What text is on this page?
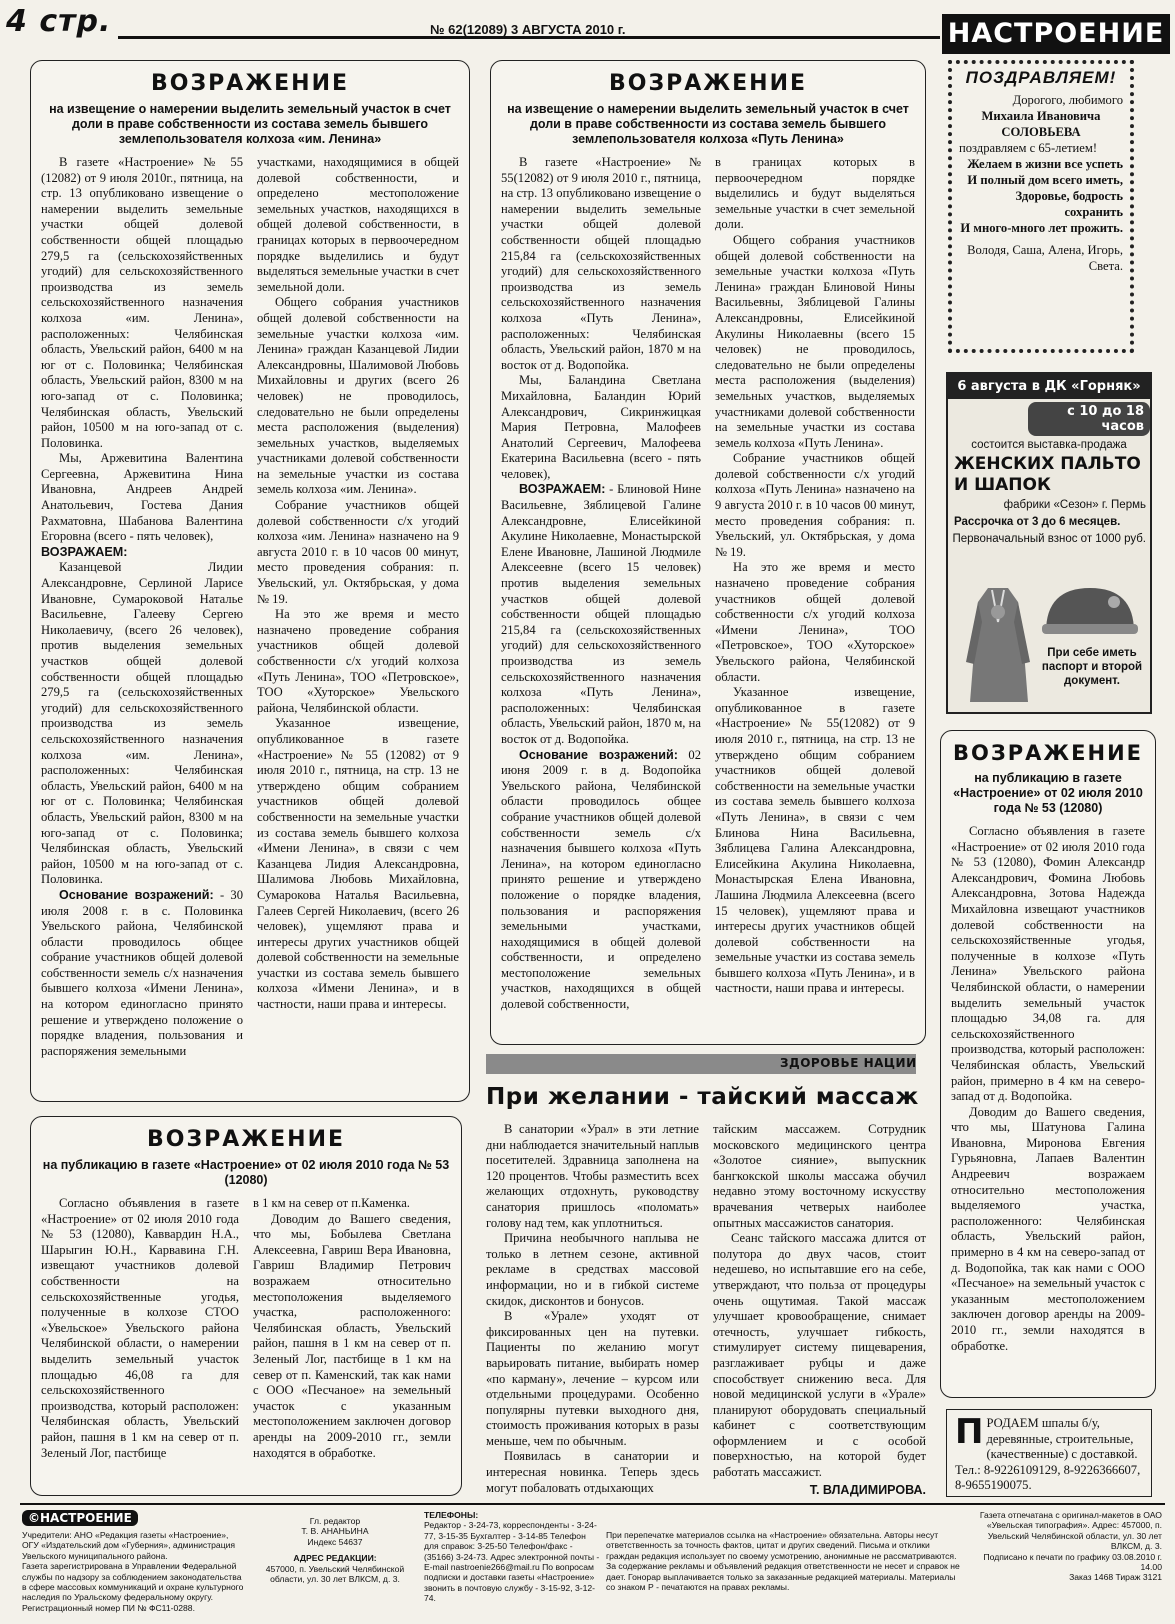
4 стр.	№ 62(12089) 3 АВГУСТА 2010 г.	НАСТРОЕНИЕ
ВОЗРАЖЕНИЕ
на извещение о намерении выделить земельный участок в счет доли в праве собственности из состава земель бывшего землепользователя колхоза «им. Ленина»

В газете «Настроение» № 55 (12082) от 9 июля 2010г., пятница, на стр. 13 опубликовано извещение о намерении выделить земельные участки общей долевой собственности общей площадью 279,5 га (сельскохозяйственных угодий) для сельскохозяйственного производства из земель сельскохозяйственного назначения колхоза «им. Ленина», расположенных: Челябинская область, Увельский район, 6400 м на юг от с. Половинка; Челябинская область, Увельский район, 8300 м на юго-запад от с. Половинка; Челябинская область, Увельский район, 10500 м на юго-запад от с. Половинка.

Мы, Аржевитина Валентина Сергеевна, Аржевитина Нина Ивановна, Андреев Андрей Анатольевич, Гостева Дания Рахматовна, Шабанова Валентина Егоровна (всего - пять человек),

ВОЗРАЖАЕМ:

Казанцевой Лидии Александровне, Серлиной Ларисе Ивановне, Сумароковой Наталье Васильевне, Галееву Сергею Николаевичу, (всего 26 человек), против выделения земельных участков общей долевой собственности общей площадью 279,5 га (сельскохозяйственных угодий) для сельскохозяйственного производства из земель сельскохозяйственного назначения колхоза «им. Ленина», расположенных: Челябинская область, Увельский район, 6400 м на юг от с. Половинка; Челябинская область, Увельский район, 8300 м на юго-запад от с. Половинка; Челябинская область, Увельский район, 10500 м на юго-запад от с. Половинка.

Основание возражений: - 30 июля 2008 г. в с. Половинка Увельского района, Челябинской области проводилось общее собрание участников общей долевой собственности земель с/х назначения бывшего колхоза «Имени Ленина», на котором единогласно принято решение и утверждено положение о порядке владения, пользования и распоряжения земельными

участками, находящимися в общей долевой собственности, и определено местоположение земельных участков, находящихся в общей долевой собственности, в границах которых в первоочередном порядке выделились и будут выделяться земельные участки в счет земельной доли.

Общего собрания участников общей долевой собственности на земельные участки колхоза «им. Ленина» граждан Казанцевой Лидии Александровны, Шалимовой Любовь Михайловны и других (всего 26 человек) не проводилось, следовательно не были определены места расположения (выделения) земельных участков, выделяемых участниками долевой собственности на земельные участки из состава земель колхоза «им. Ленина».

Собрание участников общей долевой собственности с/х угодий колхоза «им. Ленина» назначено на 9 августа 2010 г. в 10 часов 00 минут, место проведения собрания: п. Увельский, ул. Октябрьская, у дома № 19.

На это же время и место назначено проведение собрания участников общей долевой собственности с/х угодий колхоза «Путь Ленина», ТОО «Петровское», ТОО «Хуторское» Увельского района, Челябинской области.

Указанное извещение, опубликованное в газете «Настроение» № 55 (12082) от 9 июля 2010 г., пятница, на стр. 13 не утверждено общим собранием участников общей долевой собственности на земельные участки из состава земель бывшего колхоза «Имени Ленина», в связи с чем Казанцева Лидия Александровна, Шалимова Любовь Михайловна, Сумарокова Наталья Васильевна, Галеев Сергей Николаевич, (всего 26 человек), ущемляют права и интересы других участников общей долевой собственности на земельные участки из состава земель бывшего колхоза «Имени Ленина», и в частности, наши права и интересы.

ВОЗРАЖЕНИЕ
на извещение о намерении выделить земельный участок в счет доли в праве собственности из состава земель бывшего землепользователя колхоза «Путь Ленина»

В газете «Настроение» № 55(12082) от 9 июля 2010 г., пятница, на стр. 13 опубликовано извещение о намерении выделить земельные участки общей долевой собственности общей площадью 215,84 га (сельскохозяйственных угодий) для сельскохозяйственного производства из земель сельскохозяйственного назначения колхоза «Путь Ленина», расположенных: Челябинская область, Увельский район, 1870 м на восток от д. Водопойка.

Мы, Баландина Светлана Михайловна, Баландин Юрий Александрович, Сикринжицкая Мария Петровна, Малофеев Анатолий Сергеевич, Малофеева Екатерина Васильевна (всего - пять человек),

ВОЗРАЖАЕМ: - Блиновой Нине Васильевне, Зяблицевой Галине Александровне, Елисейкиной Акулине Николаевне, Монастырской Елене Ивановне, Лашиной Людмиле Алексеевне (всего 15 человек) против выделения земельных участков общей долевой собственности общей площадью 215,84 га (сельскохозяйственных угодий) для сельскохозяйственного производства из земель сельскохозяйственного назначения колхоза «Путь Ленина», расположенных: Челябинская область, Увельский район, 1870 м, на восток от д. Водопойка.

Основание возражений: 02 июня 2009 г. в д. Водопойка Увельского района, Челябинской области проводилось общее собрание участников общей долевой собственности земель с/х назначения бывшего колхоза «Путь Ленина», на котором единогласно принято решение и утверждено положение о порядке владения, пользования и распоряжения земельными участками, находящимися в общей долевой собственности, и определено местоположение земельных участков, находящихся в общей долевой собственности,

в границах которых в первоочередном порядке выделились и будут выделяться земельные участки в счет земельной доли.

Общего собрания участников общей долевой собственности на земельные участки колхоза «Путь Ленина» граждан Блиновой Нины Васильевны, Зяблицевой Галины Александровны, Елисейкиной Акулины Николаевны (всего 15 человек) не проводилось, следовательно не были определены места расположения (выделения) земельных участков, выделяемых участниками долевой собственности на земельные участки из состава земель колхоза «Путь Ленина».

Собрание участников общей долевой собственности с/х угодий колхоза «Путь Ленина» назначено на 9 августа 2010 г. в 10 часов 00 минут, место проведения собрания: п. Увельский, ул. Октябрьская, у дома № 19.

На это же время и место назначено проведение собрания участников общей долевой собственности с/х угодий колхоза «Имени Ленина», ТОО «Петровское», ТОО «Хуторское» Увельского района, Челябинской области.

Указанное извещение, опубликованное в газете «Настроение» № 55(12082) от 9 июля 2010 г., пятница, на стр. 13 не утверждено общим собранием участников общей долевой собственности на земельные участки из состава земель бывшего колхоза «Путь Ленина», в связи с чем Блинова Нина Васильевна, Зяблицева Галина Александровна, Елисейкина Акулина Николаевна, Монастырская Елена Ивановна, Лашина Людмила Алексеевна (всего 15 человек), ущемляют права и интересы других участников общей долевой собственности на земельные участки из состава земель бывшего колхоза «Путь Ленина», и в частности, наши права и интересы.

ПОЗДРАВЛЯЕМ!
Дорогого, любимого
Михаила Ивановича СОЛОВЬЕВА
поздравляем с 65-летием!
Желаем в жизни все успеть
И полный дом всего иметь,
Здоровье, бодрость сохранить
И много-много лет прожить.
Володя, Саша, Алена, Игорь, Света.
6 августа в ДК «Горняк»
с 10 до 18 часов
состоится выставка-продажа
ЖЕНСКИХ ПАЛЬТО И ШАПОК
фабрики «Сезон» г. Пермь
Рассрочка от 3 до 6 месяцев.
Первоначальный взнос от 1000 руб.
При себе иметь паспорт и второй документ.
ВОЗРАЖЕНИЕ
на публикацию в газете «Настроение» от 02 июля 2010 года № 53 (12080)

Согласно объявления в газете «Настроение» от 02 июля 2010 года № 53 (12080), Фомин Александр Александрович, Фомина Любовь Александровна, Зотова Надежда Михайловна извещают участников долевой собственности на сельскохозяйственные угодья, полученные в колхозе «Путь Ленина» Увельского района Челябинской области, о намерении выделить земельный участок площадью 34,08 га. для сельскохозяйственного производства, который расположен: Челябинская область, Увельский район, примерно в 4 км на северо-запад от д. Водопойка.

Доводим до Вашего сведения, что мы, Шатунова Галина Ивановна, Миронова Евгения Гурьяновна, Лапаев Валентин Андреевич возражаем относительно местоположения выделяемого участка, расположенного: Челябинская область, Увельский район, примерно в 4 км на северо-запад от д. Водопойка, так как нами с ООО «Песчаное» на земельный участок с указанным местоположением заключен договор аренды на 2009-2010 гг., земли находятся в обработке.

ВОЗРАЖЕНИЕ
на публикацию в газете «Настроение» от 02 июля 2010 года № 53 (12080)

Согласно объявления в газете «Настроение» от 02 июля 2010 года № 53 (12080), Каввардин Н.А., Шарыгин Ю.Н., Карвавина Г.Н. извещают участников долевой собственности на сельскохозяйственные угодья, полученные в колхозе СТОО «Увельское» Увельского района Челябинской области, о намерении выделить земельный участок площадью 46,08 га для сельскохозяйственного производства, который расположен: Челябинская область, Увельский район, пашня в 1 км на север от п. Зеленый Лог, пастбище

в 1 км на север от п.Каменка.

Доводим до Вашего сведения, что мы, Бобылева Светлана Алексеевна, Гавриш Вера Ивановна, Гавриш Владимир Петрович возражаем относительно местоположения выделяемого участка, расположенного: Челябинская область, Увельский район, пашня в 1 км на север от п. Зеленый Лог, пастбище в 1 км на север от п. Каменский, так как нами с ООО «Песчаное» на земельный участок с указанным местоположением заключен договор аренды на 2009-2010 гг., земли находятся в обработке.

ЗДОРОВЬЕ НАЦИИ
При желании - тайский массаж

В санатории «Урал» в эти летние дни наблюдается значительный наплыв посетителей. Здравница заполнена на 120 процентов. Чтобы разместить всех желающих отдохнуть, руководству санатория пришлось «поломать» голову над тем, как уплотниться.

Причина необычного наплыва не только в летнем сезоне, активной рекламе в средствах массовой информации, но и в гибкой системе скидок, дисконтов и бонусов.

В «Урале» уходят от фиксированных цен на путевки. Пациенты по желанию могут варьировать питание, выбирать номер «по карману», лечение – курсом или отдельными процедурами. Особенно популярны путевки выходного дня, стоимость проживания которых в разы меньше, чем по обычным.

Появилась в санатории и интересная новинка. Теперь здесь могут побаловать отдыхающих

тайским массажем. Сотрудник московского медицинского центра «Золотое сияние», выпускник бангкокской школы массажа обучил недавно этому восточному искусству врачевания четверых наиболее опытных массажистов санатория.

Сеанс тайского массажа длится от полутора до двух часов, стоит недешево, но испытавшие его на себе, утверждают, что польза от процедуры очень ощутимая. Такой массаж улучшает кровообращение, снимает отечность, улучшает гибкость, стимулирует систему пищеварения, разглаживает рубцы и даже способствует снижению веса. Для новой медицинской услуги в «Урале» планируют оборудовать специальный кабинет с соответствующим оформлением и с особой поверхностью, на которой будет работать массажист.

Т. ВЛАДИМИРОВА.
П РОДАЕМ шпалы б/у, деревянные, строительные, (качественные) с доставкой. Тел.: 8-9226109129, 8-9226366607, 8-9655190075.
©НАСТРОЕНИЕ
Учредители: АНО «Редакция газеты «Настроение», ОГУ «Издательский дом «Губерния», администрация Увельского муниципального района.
Газета зарегистрирована в Управлении Федеральной службы по надзору за соблюдением законодательства в сфере массовых коммуникаций и охране культурного наследия по Уральскому федеральному округу.
Регистрационный номер ПИ № ФС11-0288.
Гл. редактор
Т. В. АНАНЬИНА
Индекс 54637
АДРЕС РЕДАКЦИИ:
457000, п. Увельский Челябинской области, ул. 30 лет ВЛКСМ, д. 3.
ТЕЛЕФОНЫ:
Редактор - 3-24-73, корреспонденты - 3-24-77, 3-15-35 Бухгалтер - 3-14-85 Телефон для справок: 3-25-50 Телефон/факс - (35166) 3-24-73. Адрес электронной почты - E-mail nastroenie266@mail.ru По вопросам подписки и доставки газеты «Настроение» звонить в почтовую службу - 3-15-92, 3-12-74.
При перепечатке материалов ссылка на «Настроение» обязательна. Авторы несут ответственность за точность фактов, цитат и других сведений. Письма и отклики граждан редакция использует по своему усмотрению, анонимные не рассматриваются. За содержание рекламы и объявлений редакция ответственности не несет и справок не дает. Гонорар выплачивается только за заказанные редакцией материалы. Материалы со знаком Р - печатаются на правах рекламы.
Газета отпечатана с оригинал-макетов в ОАО «Увельская типография». Адрес: 457000, п. Увельский Челябинской области, ул. 30 лет ВЛКСМ, д. 3.
Подписано к печати по графику 03.08.2010 г. 14.00
Заказ 1468 Тираж 3121
